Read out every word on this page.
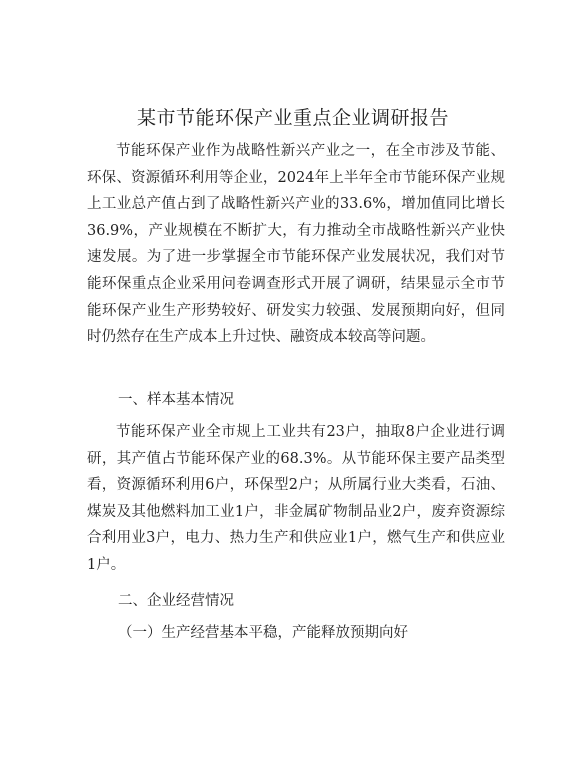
某市节能环保产业重点企业调研报告

节能环保产业作为战略性新兴产业之一，在全市涉及节能、环保、资源循环利用等企业，2024年上半年全市节能环保产业规上工业总产值占到了战略性新兴产业的33.6%，增加值同比增长36.9%，产业规模在不断扩大，有力推动全市战略性新兴产业快速发展。为了进一步掌握全市节能环保产业发展状况，我们对节能环保重点企业采用问卷调查形式开展了调研，结果显示全市节能环保产业生产形势较好、研发实力较强、发展预期向好，但同时仍然存在生产成本上升过快、融资成本较高等问题。

一、样本基本情况

节能环保产业全市规上工业共有23户，抽取8户企业进行调研，其产值占节能环保产业的68.3%。从节能环保主要产品类型看，资源循环利用6户，环保型2户；从所属行业大类看，石油、煤炭及其他燃料加工业1户，非金属矿物制品业2户，废弃资源综合利用业3户，电力、热力生产和供应业1户，燃气生产和供应业1户。

二、企业经营情况
（一）生产经营基本平稳，产能释放预期向好
